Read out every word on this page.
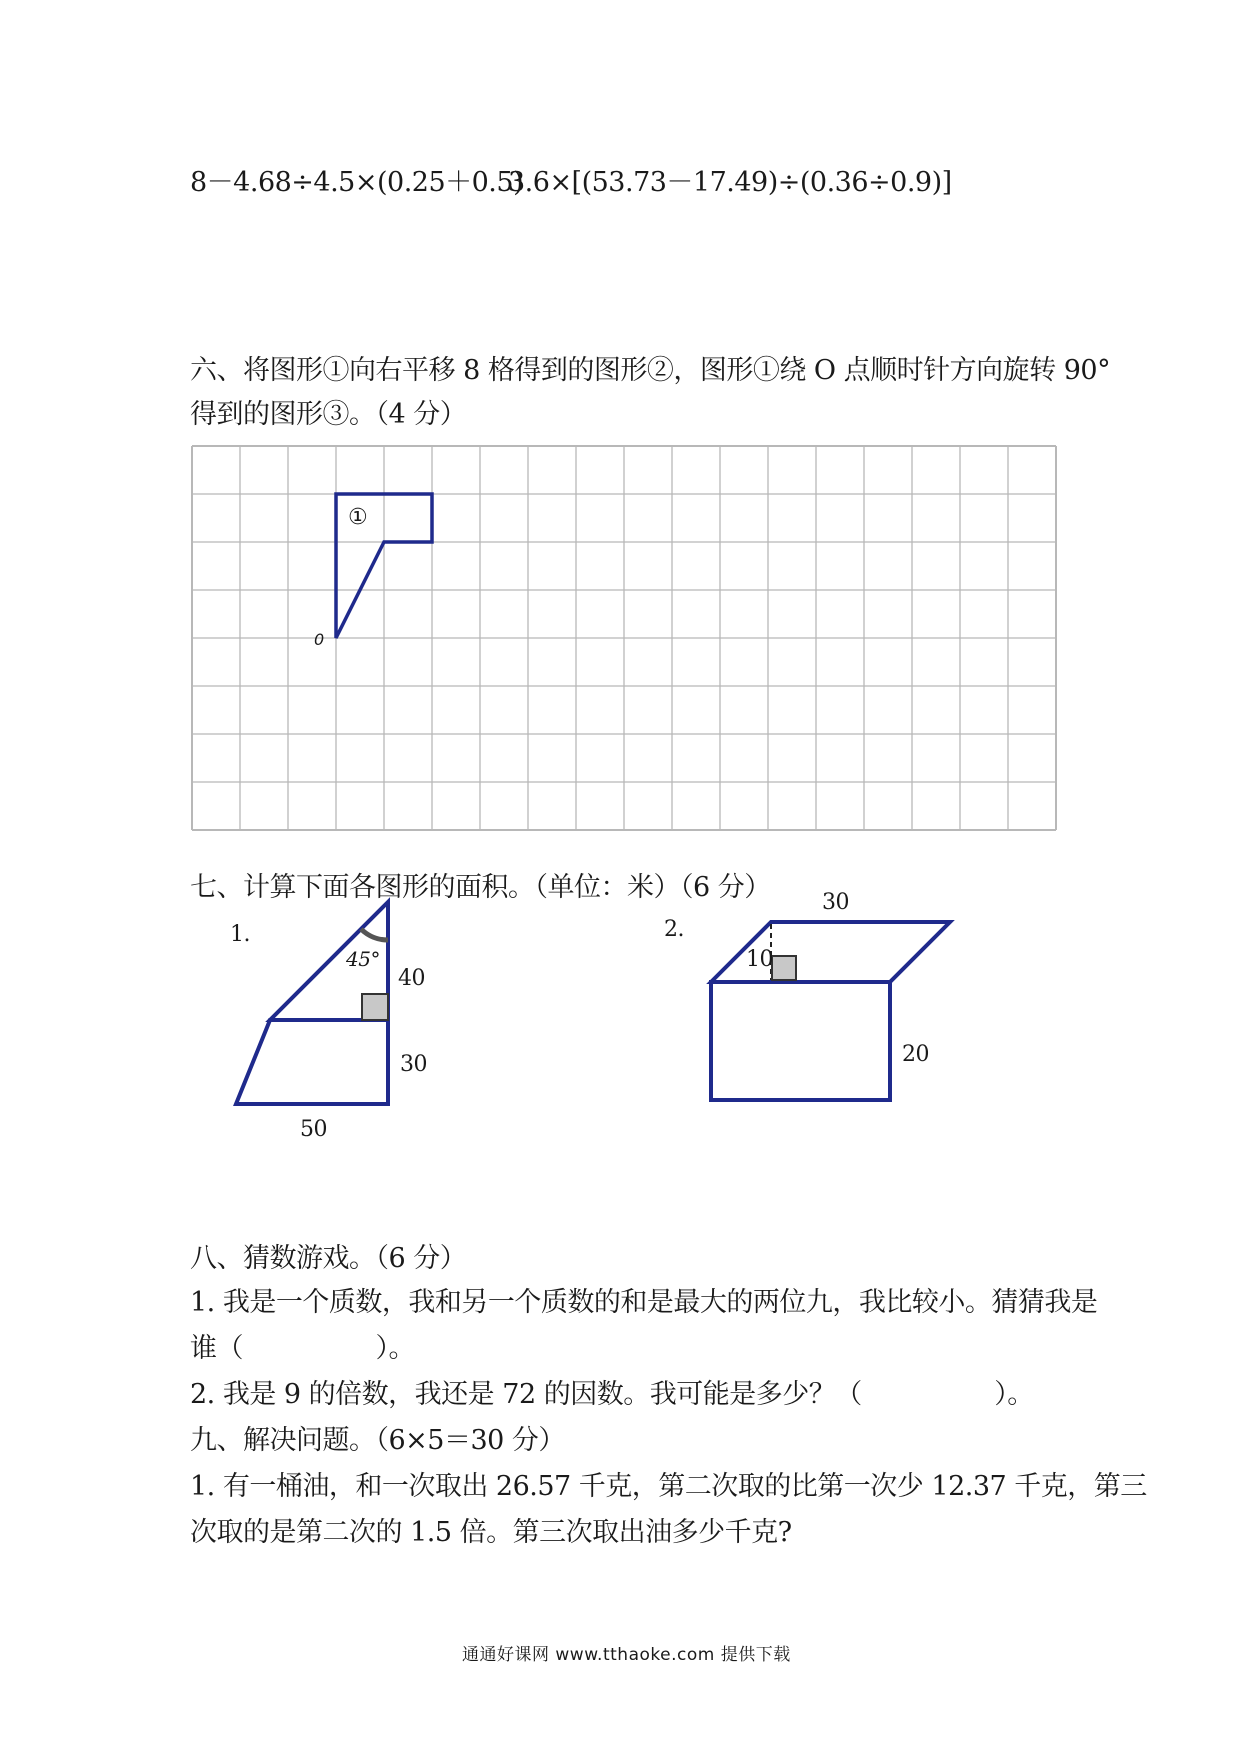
8－4.68÷4.5×(0.25＋0.5)
3.6×[(53.73－17.49)÷(0.36÷0.9)]
六、将图形①向右平移 8 格得到的图形②，图形①绕 O 点顺时针方向旋转 90°
得到的图形③。（4 分）
①
0
七、计算下面各图形的面积。（单位：米）（6 分）
1.
45°
40
30
50
2.
30
10
20
八、猜数游戏。（6 分）
1. 我是一个质数，我和另一个质数的和是最大的两位九，我比较小。猜猜我是
谁（　　　　　）。
2. 我是 9 的倍数，我还是 72 的因数。我可能是多少？（　　　　　）。
九、解决问题。（6×5＝30 分）
1. 有一桶油，和一次取出 26.57 千克，第二次取的比第一次少 12.37 千克，第三
次取的是第二次的 1.5 倍。第三次取出油多少千克?
通通好课网 www.tthaoke.com 提供下载
